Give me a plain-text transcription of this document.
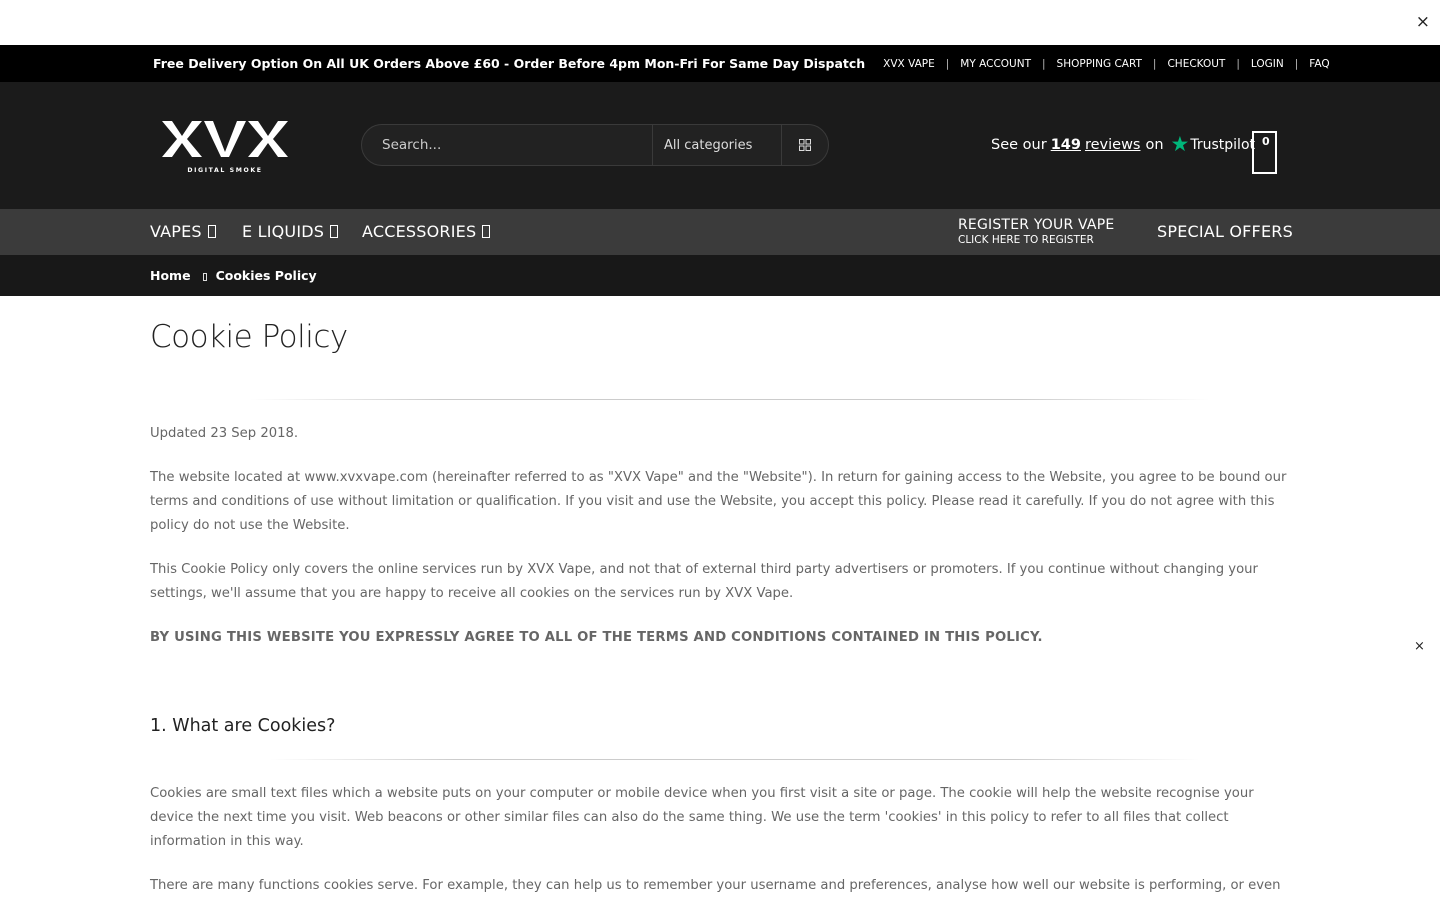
×
Free Delivery Option On All UK Orders Above £60 - Order Before 4pm Mon-Fri For Same Day Dispatch XVX VAPE | MY ACCOUNT | SHOPPING CART | CHECKOUT | LOGIN | FAQ
DIGITAL SMOKE
Search...
All categories	See our 149 reviews on ★ Trustpilot 0
VAPES	E LIQUIDS	ACCESSORIES	REGISTER YOUR VAPE
CLICK HERE TO REGISTER	SPECIAL OFFERS
Home Cookies Policy
Cookie Policy

Updated 23 Sep 2018.

The website located at www.xvxvape.com (hereinafter referred to as "XVX Vape" and the "Website"). In return for gaining access to the Website, you agree to be bound our terms and conditions of use without limitation or qualification. If you visit and use the Website, you accept this policy. Please read it carefully. If you do not agree with this policy do not use the Website.

This Cookie Policy only covers the online services run by XVX Vape, and not that of external third party advertisers or promoters. If you continue without changing your settings, we'll assume that you are happy to receive all cookies on the services run by XVX Vape.

BY USING THIS WEBSITE YOU EXPRESSLY AGREE TO ALL OF THE TERMS AND CONDITIONS CONTAINED IN THIS POLICY.

1. What are Cookies?

Cookies are small text files which a website puts on your computer or mobile device when you first visit a site or page. The cookie will help the website recognise your device the next time you visit. Web beacons or other similar files can also do the same thing. We use the term 'cookies' in this policy to refer to all files that collect information in this way.

There are many functions cookies serve. For example, they can help us to remember your username and preferences, analyse how well our website is performing, or even

×
